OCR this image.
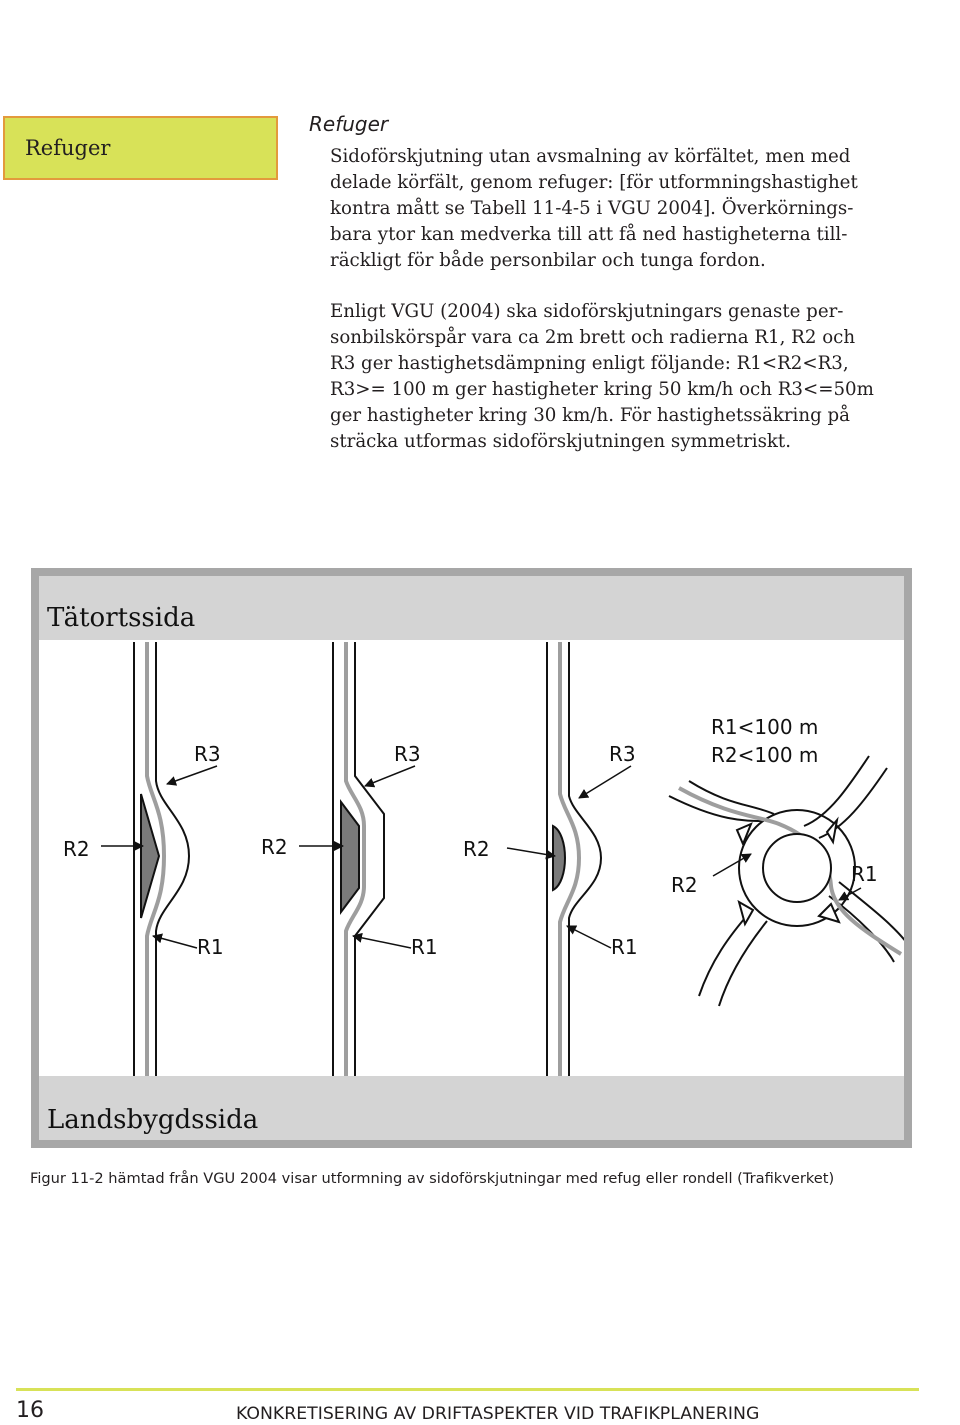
Refuger
Refuger

Sidoförskjutning utan avsmalning av körfältet, men med
delade körfält, genom refuger: [för utformningshastighet
kontra mått se Tabell 11-4-5 i VGU 2004]. Överkörnings-
bara ytor kan medverka till att få ned hastigheterna till-
räckligt för både personbilar och tunga fordon.

Enligt VGU (2004) ska sidoförskjutningars genaste per-
sonbilskörspår vara ca 2m brett och radierna R1, R2 och
R3 ger hastighetsdämpning enligt följande: R1<R2<R3,
R3>= 100 m ger hastigheter kring 50 km/h och R3<=50m
ger hastigheter kring 30 km/h. För hastighetssäkring på
sträcka utformas sidoförskjutningen symmetriskt.

Tätortssida
Landsbygdssida
R3
R2
R1
R3
R2
R1
R3
R2
R1
R1<100 m
R2<100 m
R2	R1
Figur 11-2 hämtad från VGU 2004 visar utformning av sidoförskjutningar med refug eller rondell (Trafikverket)
16	KONKRETISERING AV DRIFTASPEKTER VID TRAFIKPLANERING
